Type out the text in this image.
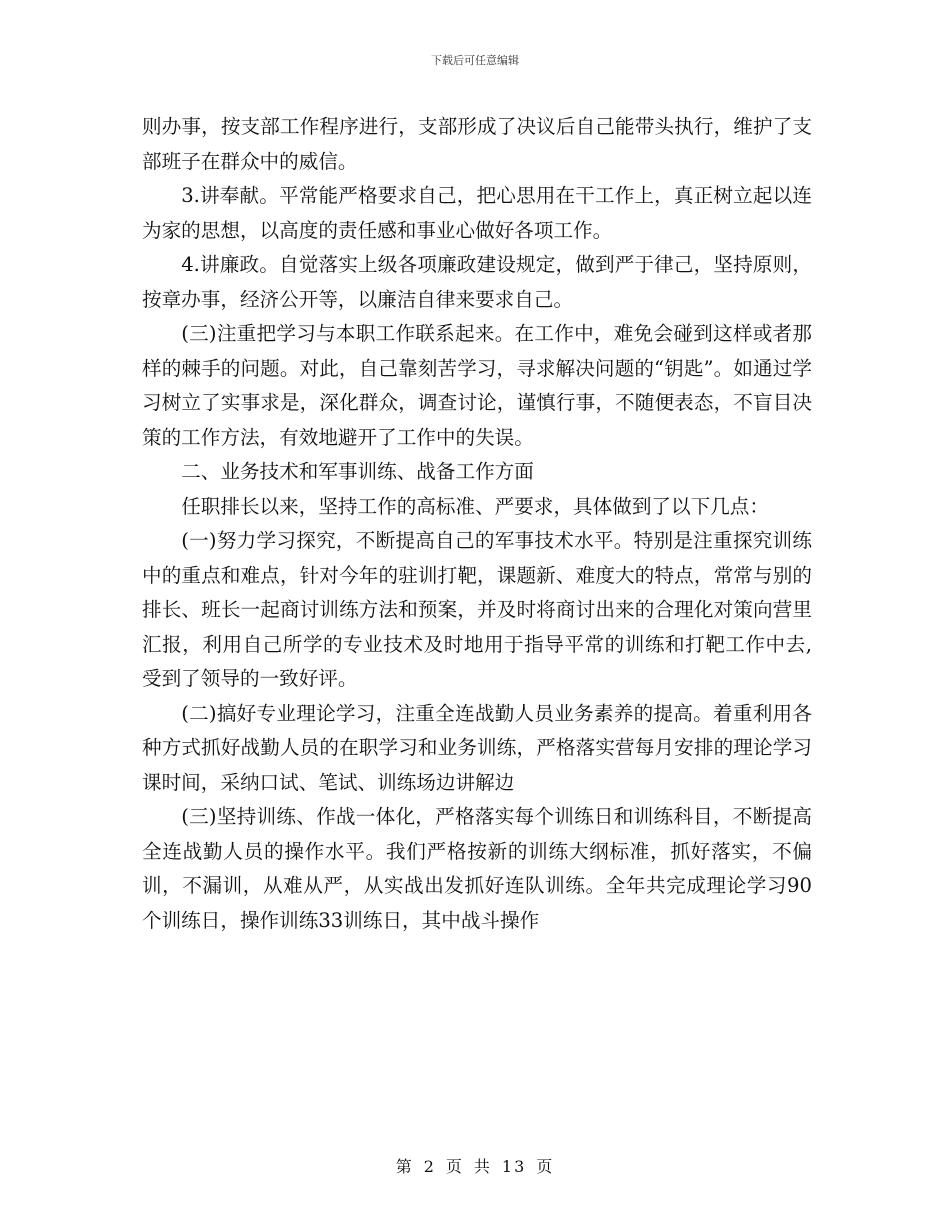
下载后可任意编辑

则办事，按支部工作程序进行，支部形成了决议后自己能带头执行，维护了支部班子在群众中的威信。

3.讲奉献。平常能严格要求自己，把心思用在干工作上，真正树立起以连为家的思想，以高度的责任感和事业心做好各项工作。

4.讲廉政。自觉落实上级各项廉政建设规定，做到严于律己，坚持原则，按章办事，经济公开等，以廉洁自律来要求自己。

(三)注重把学习与本职工作联系起来。在工作中，难免会碰到这样或者那样的棘手的问题。对此，自己靠刻苦学习，寻求解决问题的“钥匙”。如通过学习树立了实事求是，深化群众，调查讨论，谨慎行事，不随便表态，不盲目决策的工作方法，有效地避开了工作中的失误。

二、业务技术和军事训练、战备工作方面

任职排长以来，坚持工作的高标准、严要求，具体做到了以下几点：

(一)努力学习探究，不断提高自己的军事技术水平。特别是注重探究训练中的重点和难点，针对今年的驻训打靶，课题新、难度大的特点，常常与别的排长、班长一起商讨训练方法和预案，并及时将商讨出来的合理化对策向营里汇报，利用自己所学的专业技术及时地用于指导平常的训练和打靶工作中去,受到了领导的一致好评。

(二)搞好专业理论学习，注重全连战勤人员业务素养的提高。着重利用各种方式抓好战勤人员的在职学习和业务训练，严格落实营每月安排的理论学习课时间，采纳口试、笔试、训练场边讲解边

(三)坚持训练、作战一体化，严格落实每个训练日和训练科目，不断提高全连战勤人员的操作水平。我们严格按新的训练大纲标准，抓好落实，不偏训，不漏训，从难从严，从实战出发抓好连队训练。全年共完成理论学习90个训练日，操作训练33训练日，其中战斗操作

第 2 页 共 13 页
